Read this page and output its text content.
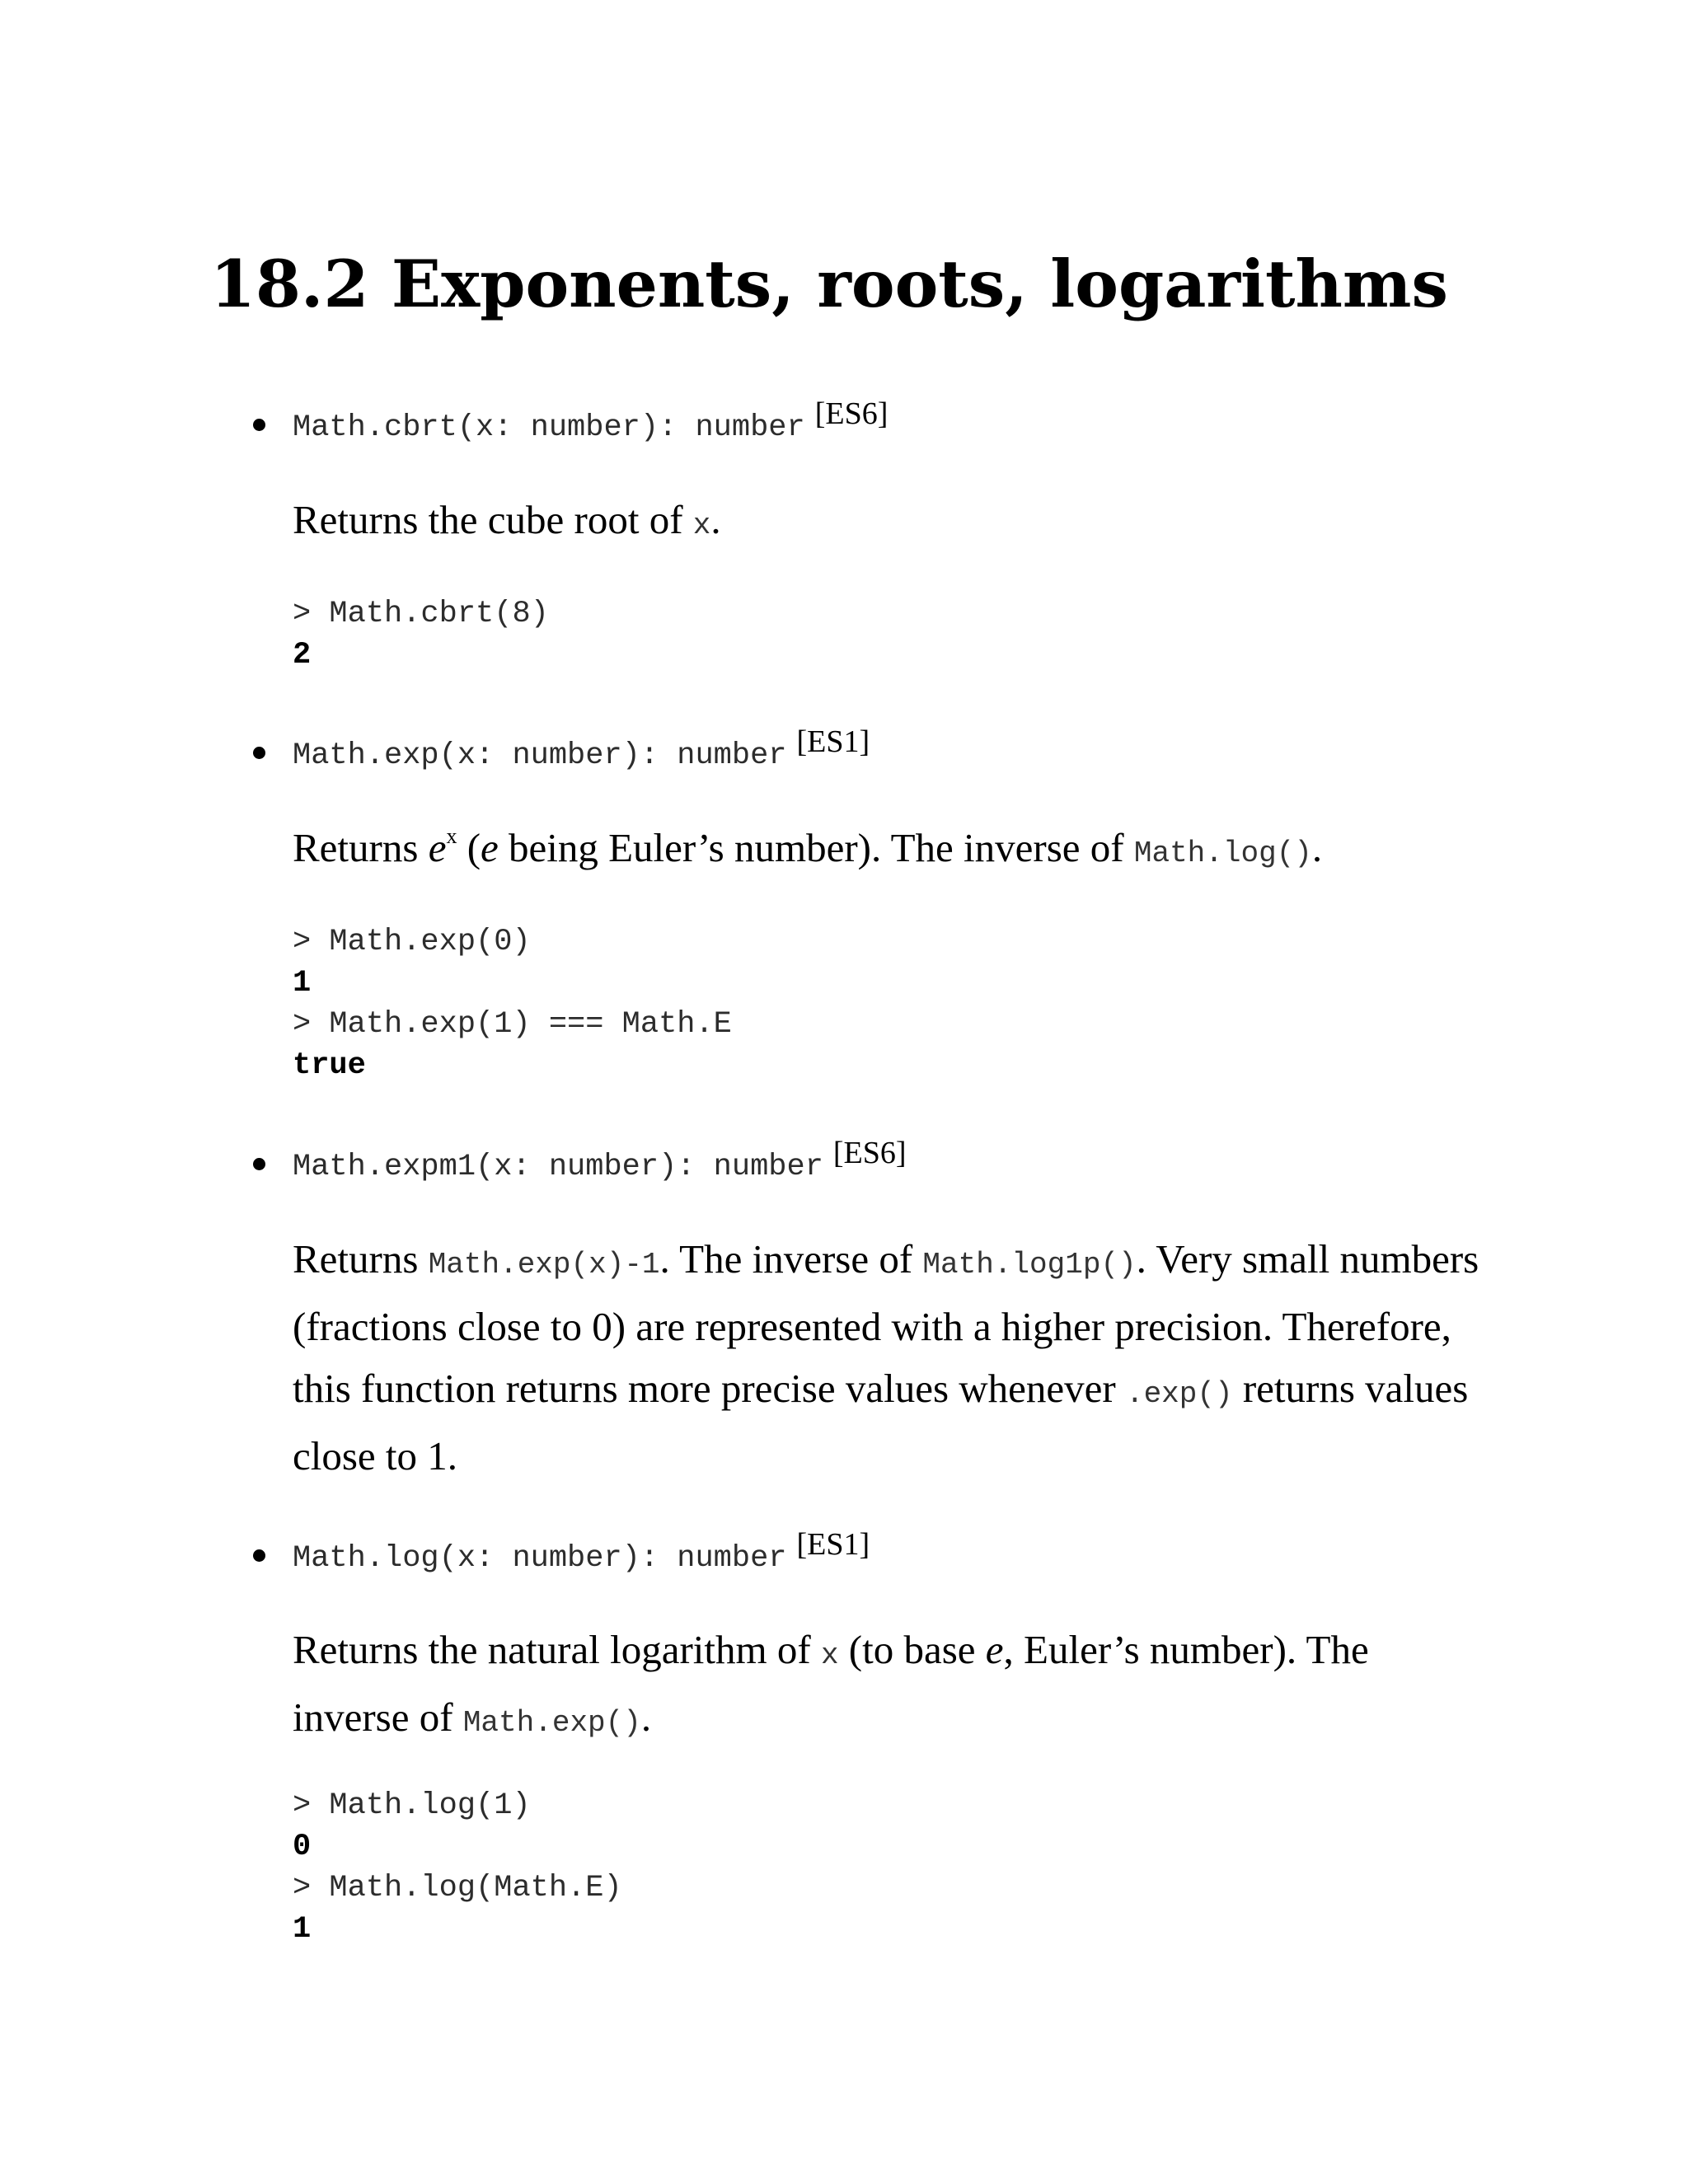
18.2 Exponents, roots, logarithms
Math.cbrt(x: number): number [ES6]

Returns the cube root of x.

> Math.cbrt(8)
2
Math.exp(x: number): number [ES1]

Returns $e^x$ (e being Euler’s number). The inverse of Math.log().

> Math.exp(0)
1
> Math.exp(1) === Math.E
true
Math.expm1(x: number): number [ES6]

Returns Math.exp(x)-1. The inverse of Math.log1p(). Very small numbers (fractions close to 0) are represented with a higher precision. Therefore, this function returns more precise values whenever .exp() returns values close to 1.

Math.log(x: number): number [ES1]

Returns the natural logarithm of x (to base e, Euler’s number). The inverse of Math.exp().

> Math.log(1)
0
> Math.log(Math.E)
1
